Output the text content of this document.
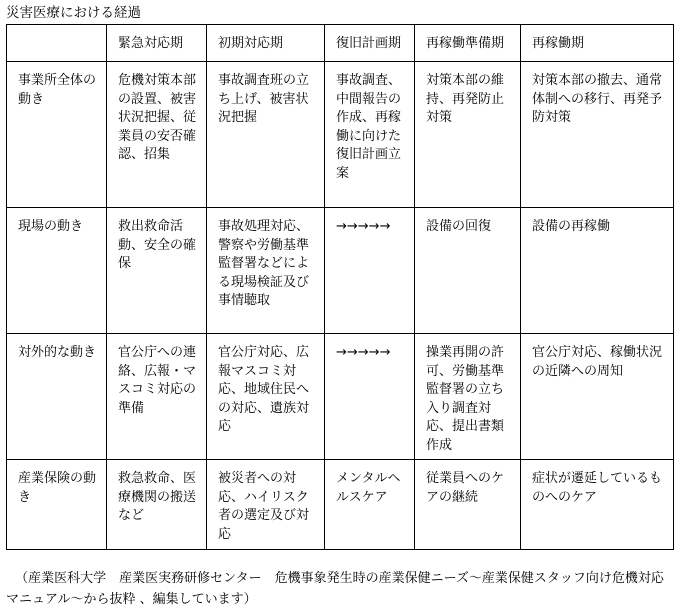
災害医療における経過
	緊急対応期	初期対応期	復旧計画期	再稼働準備期	再稼働期
事業所全体の動き	危機対策本部の設置、被害状況把握、従業員の安否確認、招集	事故調査班の立ち上げ、被害状況把握	事故調査、中間報告の作成、再稼働に向けた復旧計画立案	対策本部の維持、再発防止対策	対策本部の撤去、通常体制への移行、再発予防対策
現場の動き	救出救命活動、安全の確保	事故処理対応、警察や労働基準監督署などによる現場検証及び事情聴取	→→→→→	設備の回復	設備の再稼働
対外的な動き	官公庁への連絡、広報・マスコミ対応の準備	官公庁対応、広報マスコミ対応、地域住民への対応、遺族対応	→→→→→	操業再開の許可、労働基準監督署の立ち入り調査対応、提出書類作成	官公庁対応、稼働状況の近隣への周知
産業保険の動き	救急救命、医療機関の搬送など	被災者への対応、ハイリスク者の選定及び対応	メンタルヘルスケア	従業員へのケアの継続	症状が遷延しているものへのケア
（産業医科大学　産業医実務研修センター　危機事象発生時の産業保健ニーズ～産業保健スタッフ向け危機対応マニュアル～から抜粋 、編集しています）
